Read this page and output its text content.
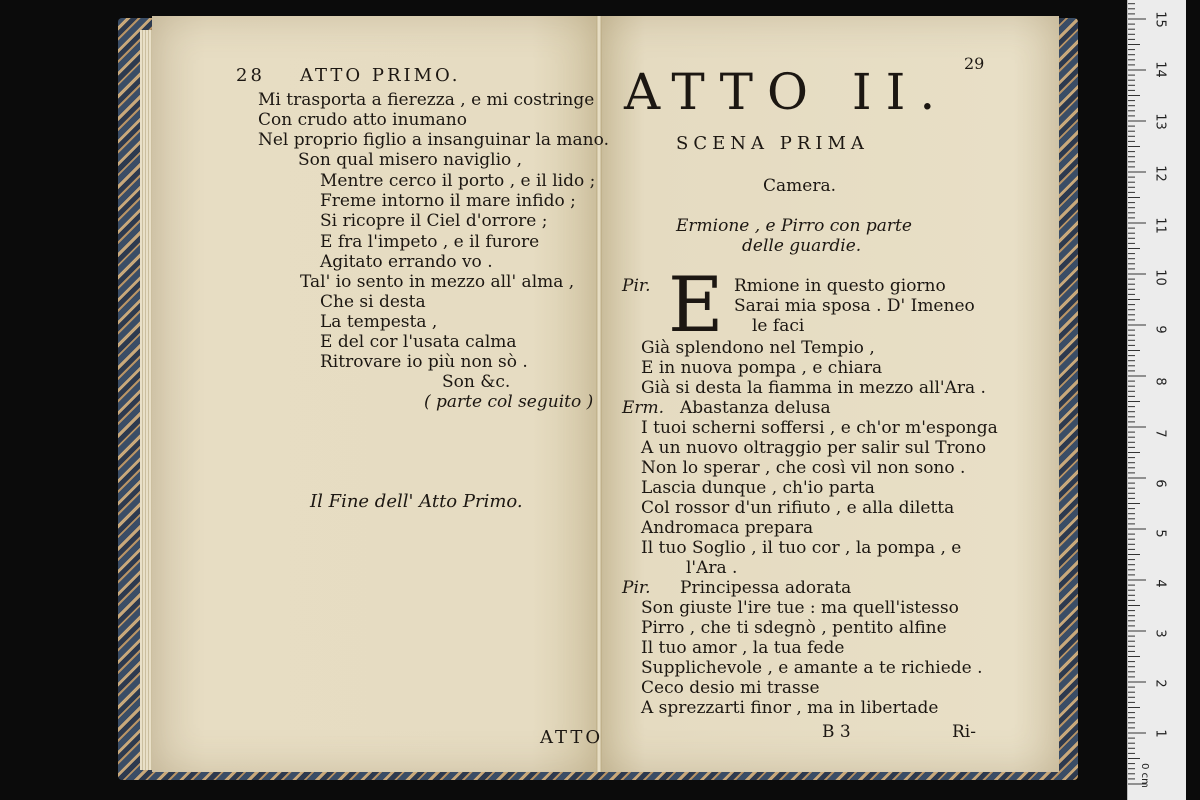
28 ATTO PRIMO.
Mi trasporta a fierezza , e mi costringe
Con crudo atto inumano
Nel proprio figlio a insanguinar la mano.
Son qual misero naviglio ,
Mentre cerco il porto , e il lido ;
Freme intorno il mare infido ;
Si ricopre il Ciel d'orrore ;
E fra l'impeto , e il furore
Agitato errando vo .
Tal' io sento in mezzo all' alma ,
Che si desta
La tempesta ,
E del cor l'usata calma
Ritrovare io più non sò .
Son &c.
( parte col seguito )
Il Fine dell' Atto Primo.
ATTO
29
ATTO II.
SCENA PRIMA
Camera.
Ermione , e Pirro con parte
delle guardie.
E
Pir.	Rmione in questo giorno
Sarai mia sposa . D' Imeneo
le faci
Già splendono nel Tempio ,
E in nuova pompa , e chiara
Già si desta la fiamma in mezzo all'Ara .
Erm. Abastanza delusa
I tuoi scherni soffersi , e ch'or m'esponga
A un nuovo oltraggio per salir sul Trono
Non lo sperar , che così vil non sono .
Lascia dunque , ch'io parta
Col rossor d'un rifiuto , e alla diletta
Andromaca prepara
Il tuo Soglio , il tuo cor , la pompa , e
l'Ara .
Pir. Principessa adorata
Son giuste l'ire tue : ma quell'istesso
Pirro , che ti sdegnò , pentito alfine
Il tuo amor , la tua fede
Supplichevole , e amante a te richiede .
Ceco desio mi trasse
A sprezzarti finor , ma in libertade
B 3	Ri-
0 cm
1
2
3
4
5
6
7
8
9
10
11
12
13
14
15
